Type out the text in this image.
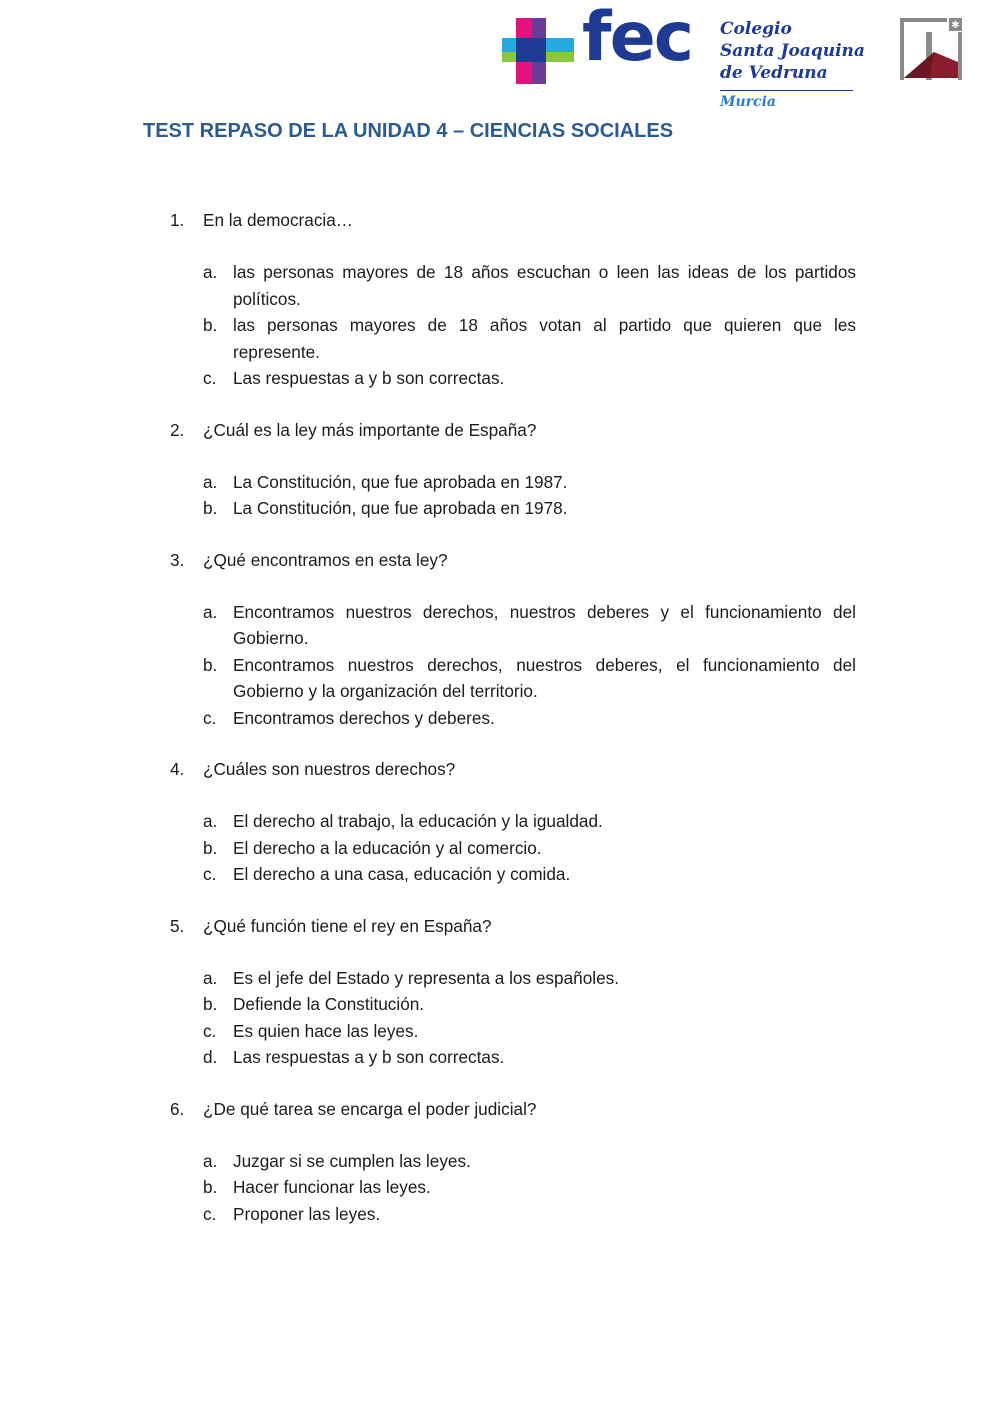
fec Colegio
Santa Joaquina
de Vedruna
Murcia
✱
TEST REPASO DE LA UNIDAD 4 – CIENCIAS SOCIALES
1.	En la democracia…
a. las personas mayores de 18 años escuchan o leen las ideas de los partidos políticos.
b. las personas mayores de 18 años votan al partido que quieren que les represente.
c. Las respuestas a y b son correctas.
2.	¿Cuál es la ley más importante de España?
a. La Constitución, que fue aprobada en 1987.
b. La Constitución, que fue aprobada en 1978.
3.	¿Qué encontramos en esta ley?
a. Encontramos nuestros derechos, nuestros deberes y el funcionamiento del Gobierno.
b. Encontramos nuestros derechos, nuestros deberes, el funcionamiento del Gobierno y la organización del territorio.
c. Encontramos derechos y deberes.
4.	¿Cuáles son nuestros derechos?
a. El derecho al trabajo, la educación y la igualdad.
b. El derecho a la educación y al comercio.
c. El derecho a una casa, educación y comida.
5.	¿Qué función tiene el rey en España?
a. Es el jefe del Estado y representa a los españoles.
b. Defiende la Constitución.
c. Es quien hace las leyes.
d. Las respuestas a y b son correctas.
6.	¿De qué tarea se encarga el poder judicial?
a. Juzgar si se cumplen las leyes.
b. Hacer funcionar las leyes.
c. Proponer las leyes.
